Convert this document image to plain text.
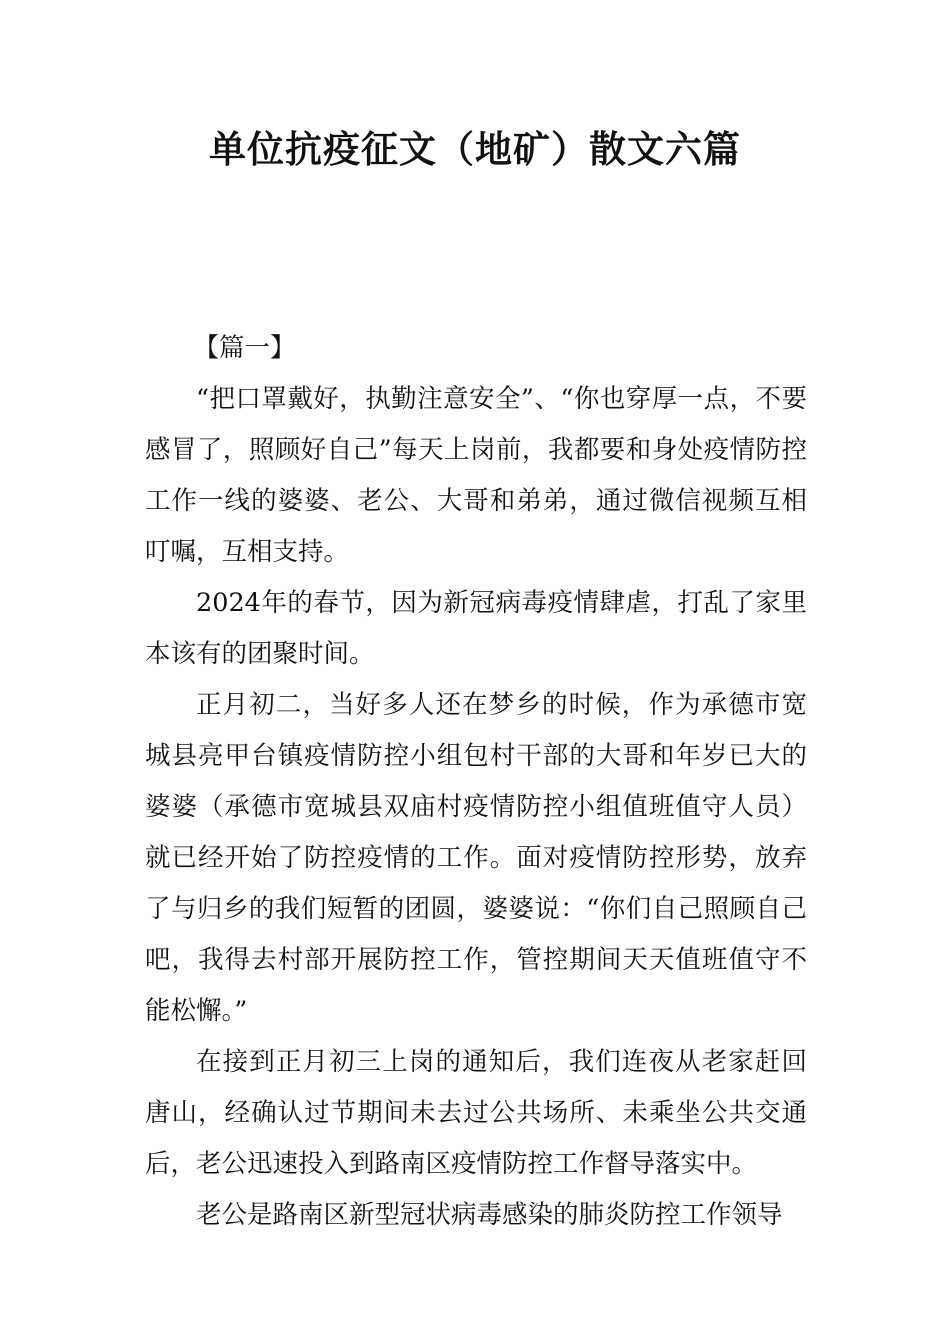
单位抗疫征文（地矿）散文六篇

【篇一】

“把口罩戴好，执勤注意安全”、“你也穿厚一点，不要感冒了，照顾好自己”每天上岗前，我都要和身处疫情防控工作一线的婆婆、老公、大哥和弟弟，通过微信视频互相叮嘱，互相支持。

2024年的春节，因为新冠病毒疫情肆虐，打乱了家里本该有的团聚时间。

正月初二，当好多人还在梦乡的时候，作为承德市宽城县亮甲台镇疫情防控小组包村干部的大哥和年岁已大的婆婆（承德市宽城县双庙村疫情防控小组值班值守人员）就已经开始了防控疫情的工作。面对疫情防控形势，放弃了与归乡的我们短暂的团圆，婆婆说：“你们自己照顾自己吧，我得去村部开展防控工作，管控期间天天值班值守不能松懈。”

在接到正月初三上岗的通知后，我们连夜从老家赶回唐山，经确认过节期间未去过公共场所、未乘坐公共交通后，老公迅速投入到路南区疫情防控工作督导落实中。

老公是路南区新型冠状病毒感染的肺炎防控工作领导
